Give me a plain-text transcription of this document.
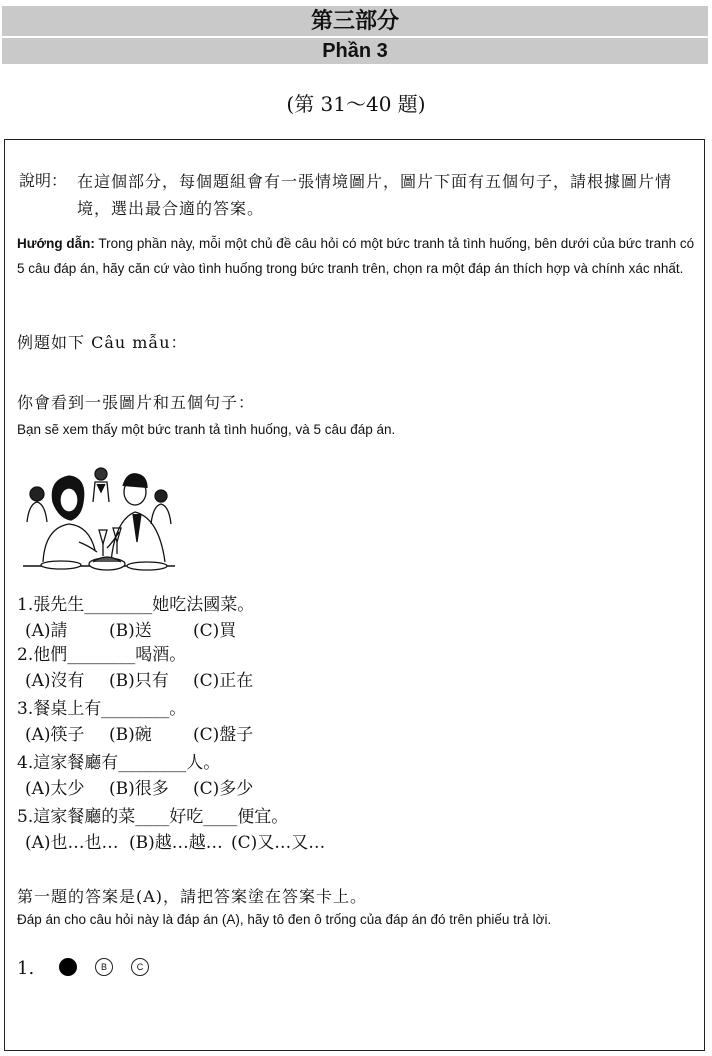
第三部分
Phần 3
(第 31～40 題)
說明： 在這個部分，每個題組會有一張情境圖片，圖片下面有五個句子，請根據圖片情境，選出最合適的答案。
Hướng dẫn: Trong phần này, mỗi một chủ đề câu hỏi có một bức tranh tả tình huống, bên dưới của bức tranh có 5 câu đáp án, hãy căn cứ vào tình huống trong bức tranh trên, chọn ra một đáp án thích hợp và chính xác nhất.
例題如下 Câu mẫu：
你會看到一張圖片和五個句子：
Bạn sẽ xem thấy một bức tranh tả tình huống, và 5 câu đáp án.
1.張先生________她吃法國菜。
(A)請 (B)送 (C)買
2.他們________喝酒。
(A)沒有 (B)只有 (C)正在
3.餐桌上有________。
(A)筷子 (B)碗 (C)盤子
4.這家餐廳有________人。
(A)太少 (B)很多 (C)多少
5.這家餐廳的菜____好吃____便宜。
(A)也…也… (B)越…越… (C)又…又…
第一題的答案是(A)，請把答案塗在答案卡上。
Đáp án cho câu hỏi này là đáp án (A), hãy tô đen ô trống của đáp án đó trên phiếu trả lời.
1.	B	C
